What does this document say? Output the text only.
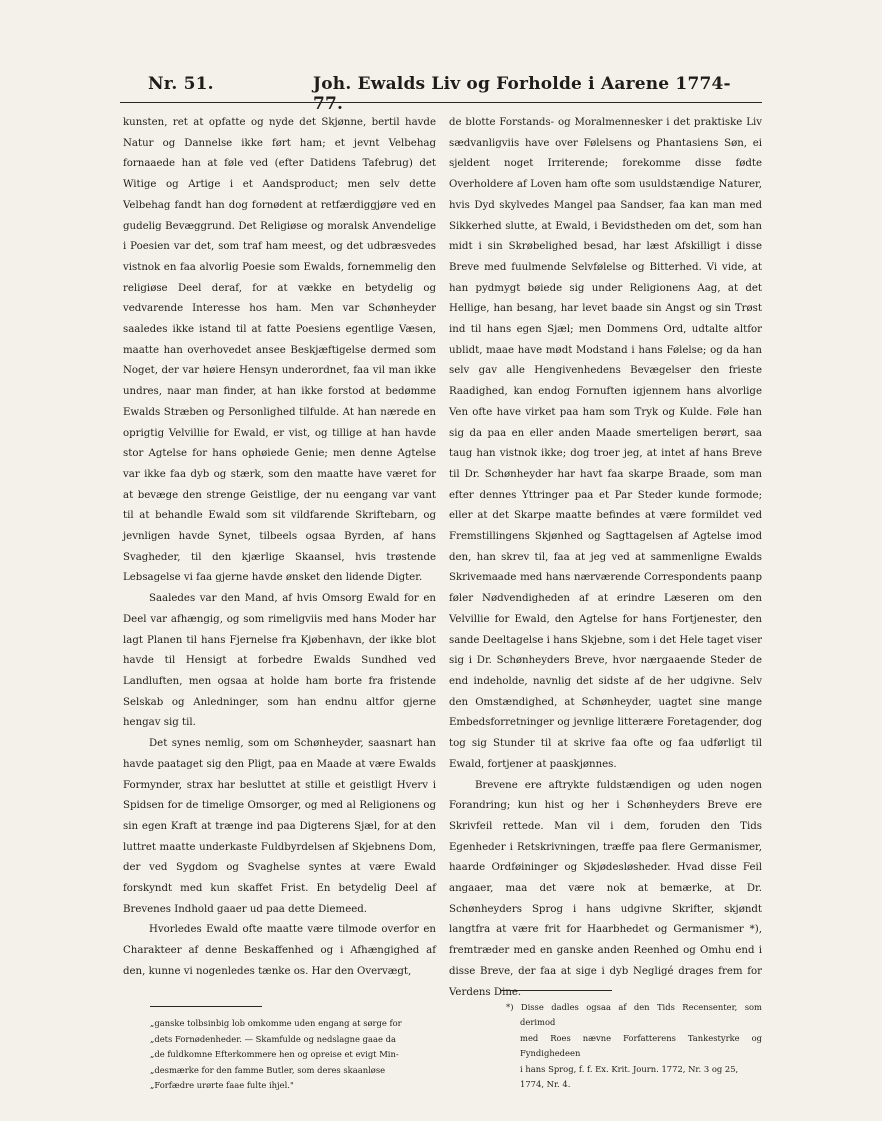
Nr. 51.	Joh. Ewalds Liv og Forholde i Aarene 1774-77.

kunsten, ret at opfatte og nyde det Skjønne, bertil havde Natur og Dannelse ikke ført ham; et jevnt Velbehag fornaaede han at føle ved (efter Datidens Tafebrug) det Witige og Artige i et Aandsproduct; men selv dette Velbehag fandt han dog fornødent at retfærdiggjøre ved en gudelig Bevæggrund. Det Religiøse og moralsk Anvendelige i Poesien var det, som traf ham meest, og det udbræsvedes vistnok en faa alvorlig Poesie som Ewalds, fornemmelig den religiøse Deel deraf, for at vække en betydelig og vedvarende Interesse hos ham. Men var Schønheyder saaledes ikke istand til at fatte Poesiens egentlige Væsen, maatte han overhovedet ansee Beskjæftigelse dermed som Noget, der var høiere Hensyn underordnet, faa vil man ikke undres, naar man finder, at han ikke forstod at bedømme Ewalds Stræben og Personlighed tilfulde. At han nærede en oprigtig Velvillie for Ewald, er vist, og tillige at han havde stor Agtelse for hans ophøiede Genie; men denne Agtelse var ikke faa dyb og stærk, som den maatte have været for at bevæge den strenge Geistlige, der nu eengang var vant til at behandle Ewald som sit vildfarende Skriftebarn, og jevnligen havde Synet, tilbeels ogsaa Byrden, af hans Svagheder, til den kjærlige Skaansel, hvis trøstende Lebsagelse vi faa gjerne havde ønsket den lidende Digter.

Saaledes var den Mand, af hvis Omsorg Ewald for en Deel var afhængig, og som rimeligviis med hans Moder har lagt Planen til hans Fjernelse fra Kjøbenhavn, der ikke blot havde til Hensigt at forbedre Ewalds Sundhed ved Landluften, men ogsaa at holde ham borte fra fristende Selskab og Anledninger, som han endnu altfor gjerne hengav sig til.

Det synes nemlig, som om Schønheyder, saasnart han havde paataget sig den Pligt, paa en Maade at være Ewalds Formynder, strax har besluttet at stille et geistligt Hverv i Spidsen for de timelige Omsorger, og med al Religionens og sin egen Kraft at trænge ind paa Digterens Sjæl, for at den luttret maatte underkaste Fuldbyrdelsen af Skjebnens Dom, der ved Sygdom og Svaghelse syntes at være Ewald forskyndt med kun skaffet Frist. En betydelig Deel af Brevenes Indhold gaaer ud paa dette Diemeed.

Hvorledes Ewald ofte maatte være tilmode overfor en Charakteer af denne Beskaffenhed og i Afhængighed af den, kunne vi nogenledes tænke os. Har den Overvægt,

de blotte Forstands- og Moralmennesker i det praktiske Liv sædvanligviis have over Følelsens og Phantasiens Søn, ei sjeldent noget Irriterende; forekomme disse fødte Overholdere af Loven ham ofte som usuldstændige Naturer, hvis Dyd skylvedes Mangel paa Sandser, faa kan man med Sikkerhed slutte, at Ewald, i Bevidstheden om det, som han midt i sin Skrøbelighed besad, har læst Afskilligt i disse Breve med fuulmende Selvfølelse og Bitterhed. Vi vide, at han pydmygt bøiede sig under Religionens Aag, at det Hellige, han besang, har levet baade sin Angst og sin Trøst ind til hans egen Sjæl; men Dommens Ord, udtalte altfor ublidt, maae have mødt Modstand i hans Følelse; og da han selv gav alle Hengivenhedens Bevægelser den frieste Raadighed, kan endog Fornuften igjennem hans alvorlige Ven ofte have virket paa ham som Tryk og Kulde. Føle han sig da paa en eller anden Maade smerteligen berørt, saa taug han vistnok ikke; dog troer jeg, at intet af hans Breve til Dr. Schønheyder har havt faa skarpe Braade, som man efter dennes Yttringer paa et Par Steder kunde formode; eller at det Skarpe maatte befindes at være formildet ved Fremstillingens Skjønhed og Sagttagelsen af Agtelse imod den, han skrev til, faa at jeg ved at sammenligne Ewalds Skrivemaade med hans nærværende Correspondents paanp føler Nødvendigheden af at erindre Læseren om den Velvillie for Ewald, den Agtelse for hans Fortjenester, den sande Deeltagelse i hans Skjebne, som i det Hele taget viser sig i Dr. Schønheyders Breve, hvor nærgaaende Steder de end indeholde, navnlig det sidste af de her udgivne. Selv den Omstændighed, at Schønheyder, uagtet sine mange Embedsforretninger og jevnlige litterære Foretagender, dog tog sig Stunder til at skrive faa ofte og faa udførligt til Ewald, fortjener at paaskjønnes.

Brevene ere aftrykte fuldstændigen og uden nogen Forandring; kun hist og her i Schønheyders Breve ere Skrivfeil rettede. Man vil i dem, foruden den Tids Egenheder i Retskrivningen, træffe paa flere Germanismer, haarde Ordføininger og Skjødesløsheder. Hvad disse Feil angaaer, maa det være nok at bemærke, at Dr. Schønheyders Sprog i hans udgivne Skrifter, skjøndt langtfra at være frit for Haarbhedet og Germanismer *), fremtræder med en ganske anden Reenhed og Omhu end i disse Breve, der faa at sige i dyb Negligé drages frem for Verdens Dine.

„ganske tolbsinbig lob omkomme uden engang at sørge for
„dets Fornødenheder. — Skamfulde og nedslagne gaae da
„de fuldkomne Efterkommere hen og opreise et evigt Min-
„desmærke for den famme Butler, som deres skaanløse
„Forfædre urørte faae fulte ihjel."
*) Disse dadles ogsaa af den Tids Recensenter, som derimod
med Roes nævne Forfatterens Tankestyrke og Fyndighedeen
i hans Sprog, f. f. Ex. Krit. Journ. 1772, Nr. 3 og 25,
1774, Nr. 4.
